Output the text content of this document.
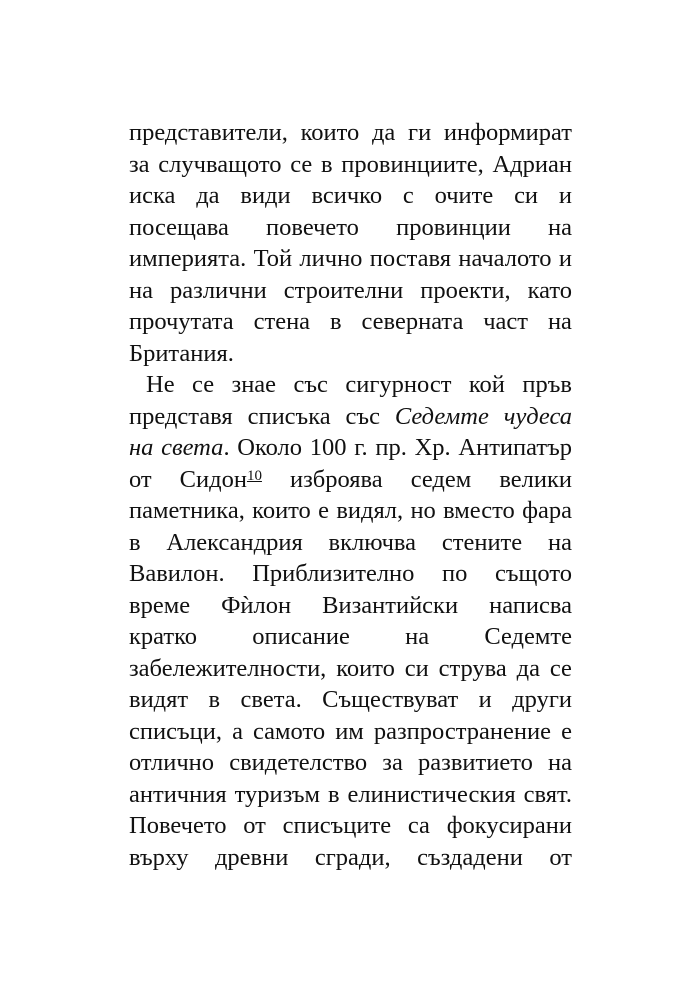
представители, които да ги информират
за случващото се в провинциите, Адриан
иска да види всичко с очите си и
посещава повечето провинции на
империята. Той лично поставя началото и
на различни строителни проекти, като
прочутата стена в северната част на
Британия.
Не се знае със сигурност кой пръв
представя списъка със Седемте чудеса
на света. Около 100 г. пр. Хр. Антипатър
от Сидон$^{10}$ изброява седем велики
паметника, които е видял, но вместо фара
в Александрия включва стените на
Вавилон. Приблизително по същото
време Фѝлон Византийски написва
кратко описание на Седемте
забележителности, които си струва да се
видят в света. Съществуват и други
списъци, а самото им разпространение е
отлично свидетелство за развитието на
античния туризъм в елинистическия свят.
Повечето от списъците са фокусирани
върху древни сгради, създадени от
